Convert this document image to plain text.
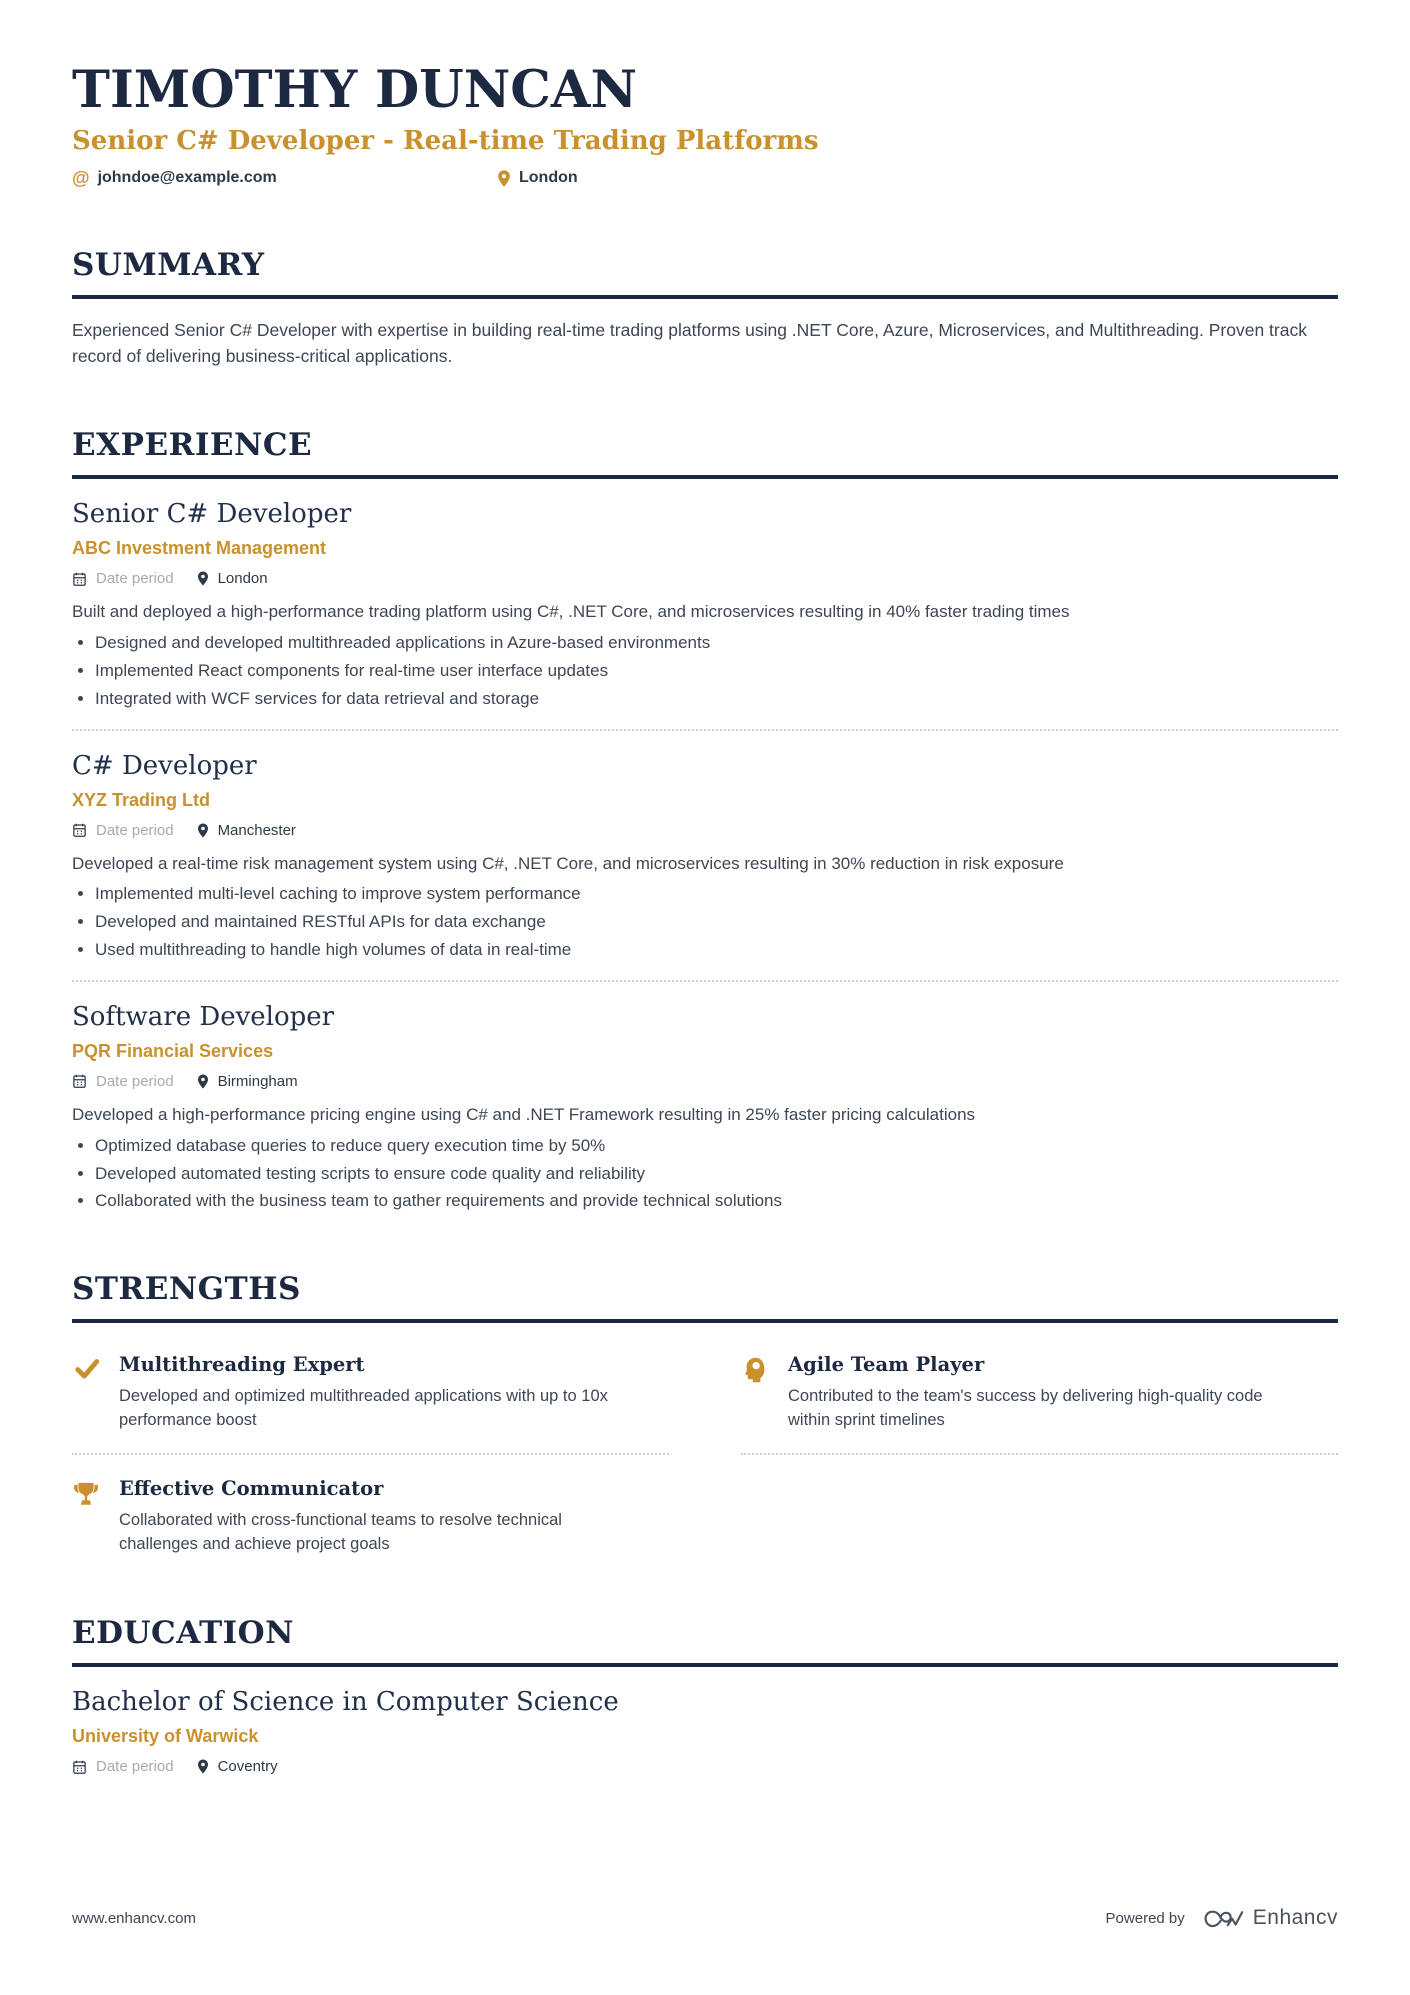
TIMOTHY DUNCAN
Senior C# Developer - Real-time Trading Platforms
@ johndoe@example.com	London
SUMMARY
Experienced Senior C# Developer with expertise in building real-time trading platforms using .NET Core, Azure, Microservices, and Multithreading. Proven track record of delivering business-critical applications.
EXPERIENCE
Senior C# Developer
ABC Investment Management
Date period	London
Built and deployed a high-performance trading platform using C#, .NET Core, and microservices resulting in 40% faster trading times
• Designed and developed multithreaded applications in Azure-based environments
• Implemented React components for real-time user interface updates
• Integrated with WCF services for data retrieval and storage
C# Developer
XYZ Trading Ltd
Date period	Manchester
Developed a real-time risk management system using C#, .NET Core, and microservices resulting in 30% reduction in risk exposure
• Implemented multi-level caching to improve system performance
• Developed and maintained RESTful APIs for data exchange
• Used multithreading to handle high volumes of data in real-time
Software Developer
PQR Financial Services
Date period	Birmingham
Developed a high-performance pricing engine using C# and .NET Framework resulting in 25% faster pricing calculations
• Optimized database queries to reduce query execution time by 50%
• Developed automated testing scripts to ensure code quality and reliability
• Collaborated with the business team to gather requirements and provide technical solutions
STRENGTHS
Multithreading Expert
Developed and optimized multithreaded applications with up to 10x performance boost
Effective Communicator
Collaborated with cross-functional teams to resolve technical challenges and achieve project goals
Agile Team Player
Contributed to the team's success by delivering high-quality code within sprint timelines
EDUCATION
Bachelor of Science in Computer Science
University of Warwick
Date period	Coventry
www.enhancv.com	Powered by	Enhancv
